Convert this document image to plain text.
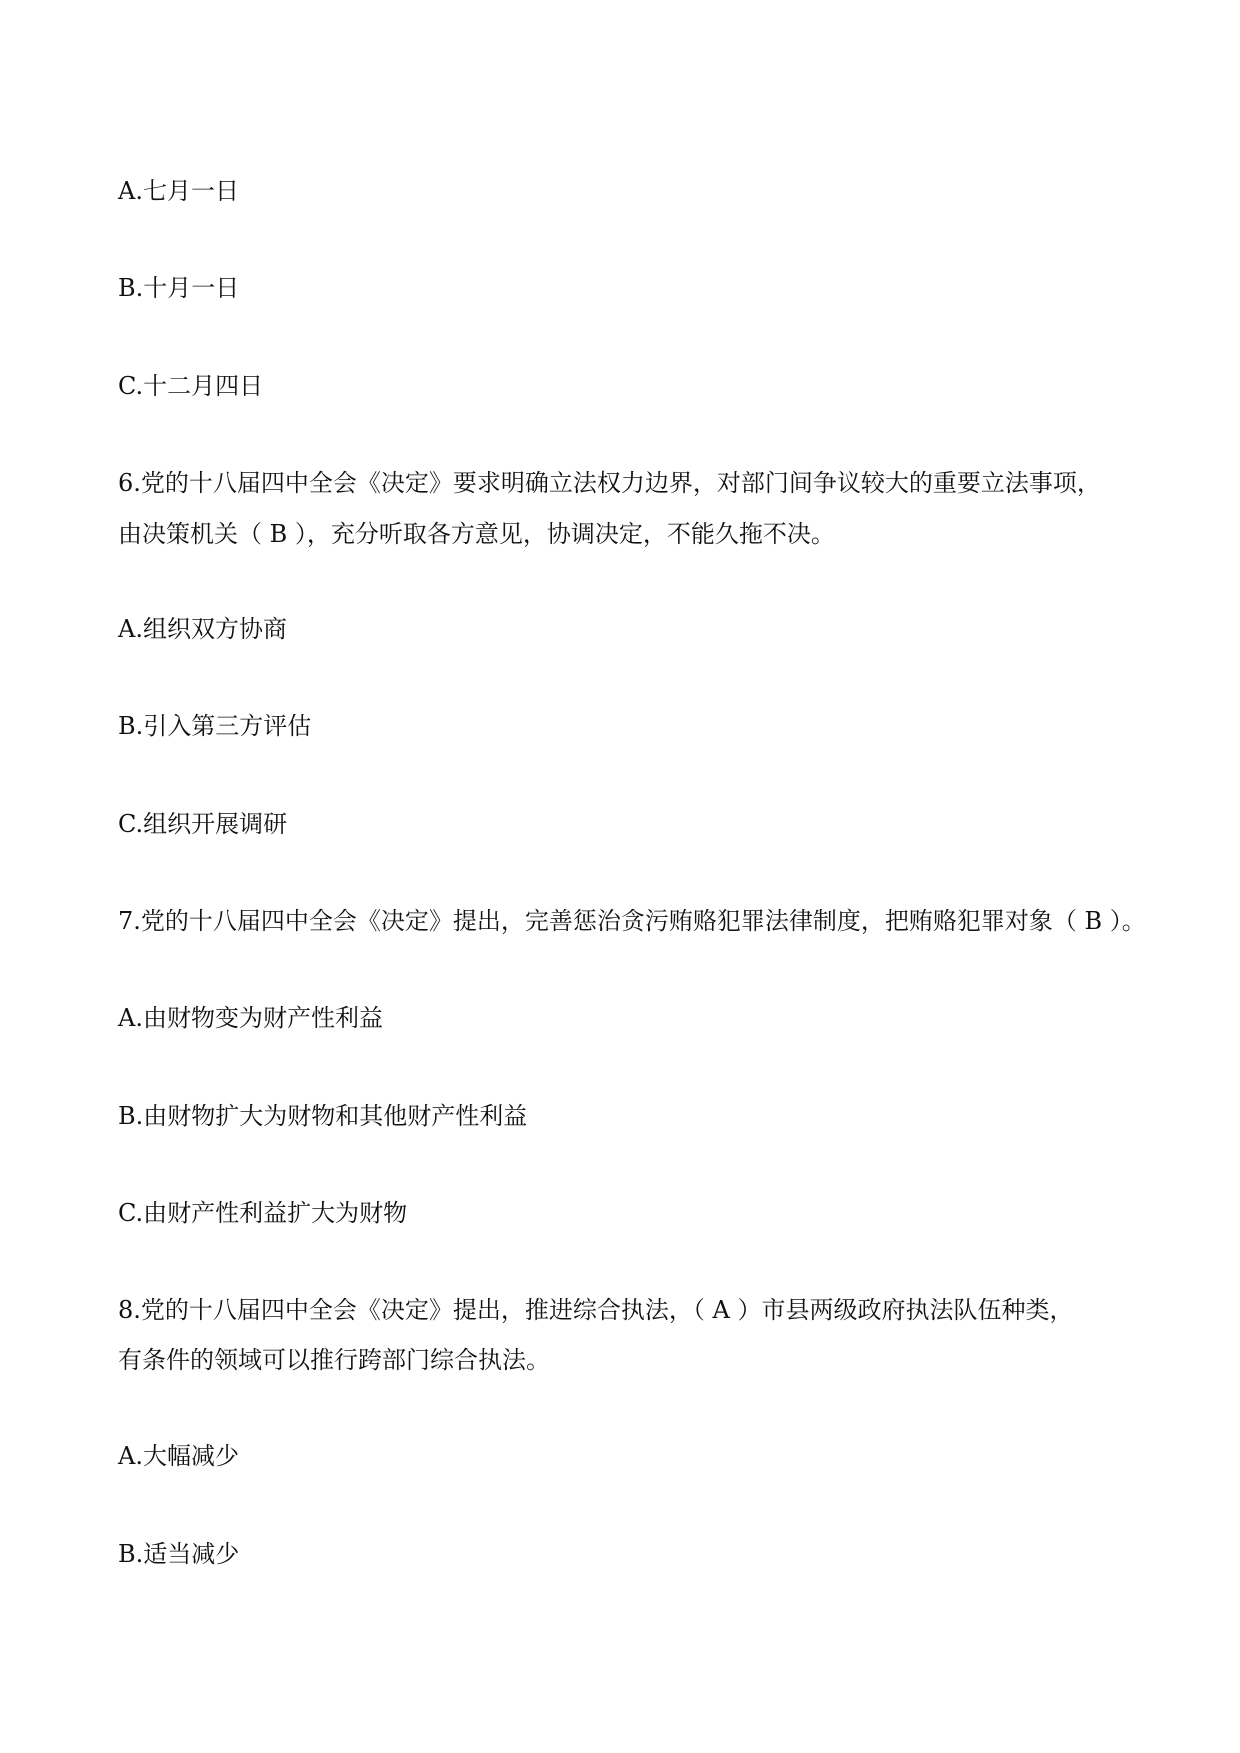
A.七月一日

B.十月一日

C.十二月四日

6.党的十八届四中全会《决定》要求明确立法权力边界，对部门间争议较大的重要立法事项，

由决策机关（ B ），充分听取各方意见，协调决定，不能久拖不决。

A.组织双方协商

B.引入第三方评估

C.组织开展调研

7.党的十八届四中全会《决定》提出，完善惩治贪污贿赂犯罪法律制度，把贿赂犯罪对象（ B ）。

A.由财物变为财产性利益

B.由财物扩大为财物和其他财产性利益

C.由财产性利益扩大为财物

8.党的十八届四中全会《决定》提出，推进综合执法，（ A ）市县两级政府执法队伍种类，

有条件的领域可以推行跨部门综合执法。

A.大幅减少

B.适当减少
